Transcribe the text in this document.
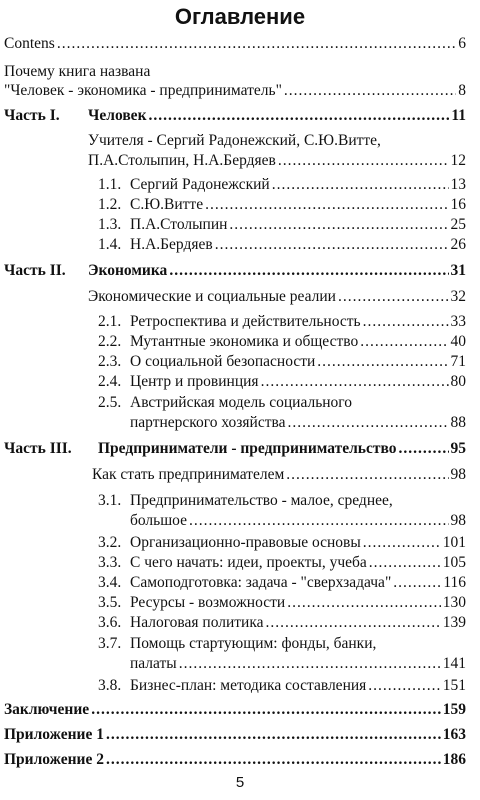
Оглавление
Contens .....	6
Почему книга названа
"Человек - экономика - предприниматель" .....	8
Часть I.	Человек .....	11
Учителя - Сергий Радонежский, С.Ю.Витте,
П.А.Столыпин, Н.А.Бердяев .....	12
1.1. Сергий Радонежский .....	13
1.2. С.Ю.Витте .....	16
1.3. П.А.Столыпин .....	25
1.4. Н.А.Бердяев .....	26
Часть II.	Экономика .....	31
Экономические и социальные реалии .....	32
2.1. Ретроспектива и действительность .....	33
2.2. Мутантные экономика и общество .....	40
2.3. О социальной безопасности .....	71
2.4. Центр и провинция .....	80
2.5. Австрийская модель социального
партнерского хозяйства .....	88
Часть III.	Предприниматели - предпринимательство .....	95
Как стать предпринимателем .....	98
3.1. Предпринимательство - малое, среднее,
большое .....	98
3.2. Организационно-правовые основы .....	101
3.3. С чего начать: идеи, проекты, учеба .....	105
3.4. Самоподготовка: задача - "сверхзадача" .....	116
3.5. Ресурсы - возможности .....	130
3.6. Налоговая политика .....	139
3.7. Помощь стартующим: фонды, банки,
палаты .....	141
3.8. Бизнес-план: методика составления .....	151
Заключение .....	159
Приложение 1 .....	163
Приложение 2 .....	186
5
